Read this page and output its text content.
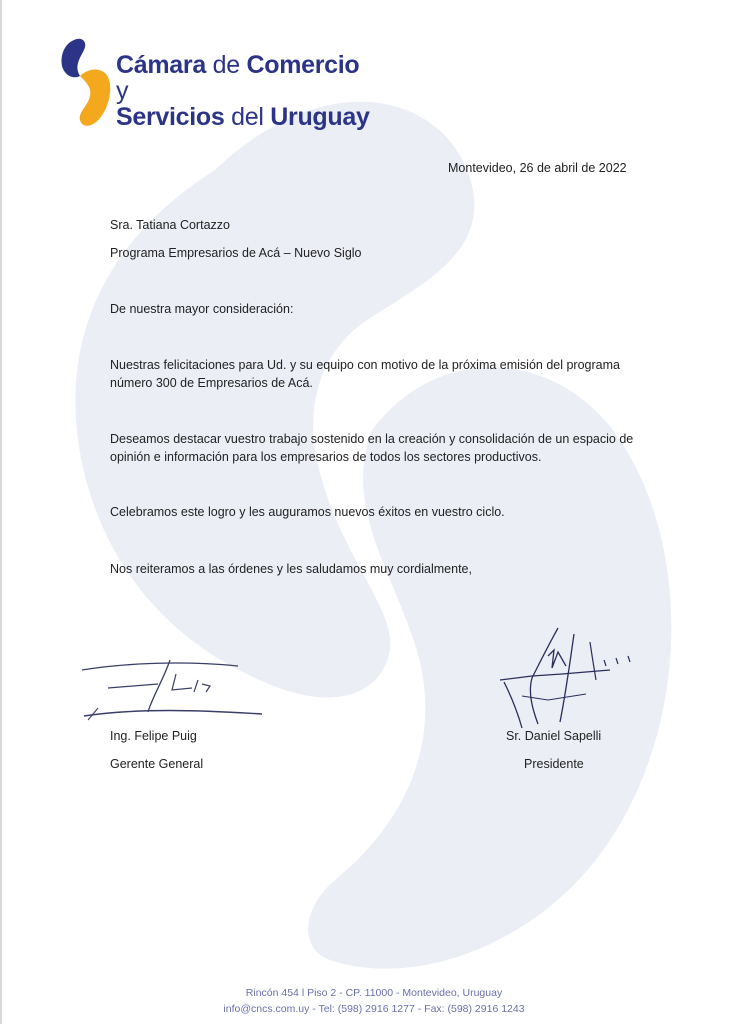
Cámara de Comercio y
Servicios del Uruguay
Montevideo, 26 de abril de 2022
Sra. Tatiana Cortazzo
Programa Empresarios de Acá – Nuevo Siglo
De nuestra mayor consideración:
Nuestras felicitaciones para Ud. y su equipo con motivo de la próxima emisión del programa número 300 de Empresarios de Acá.
Deseamos destacar vuestro trabajo sostenido en la creación y consolidación de un espacio de opinión e información para los empresarios de todos los sectores productivos.
Celebramos este logro y les auguramos nuevos éxitos en vuestro ciclo.
Nos reiteramos a las órdenes y les saludamos muy cordialmente,
Ing. Felipe Puig
Gerente General
Sr. Daniel Sapelli
Presidente
Rincón 454 l Piso 2 - CP. 11000 - Montevideo, Uruguay
info@cncs.com.uy - Tel: (598) 2916 1277 - Fax: (598) 2916 1243
